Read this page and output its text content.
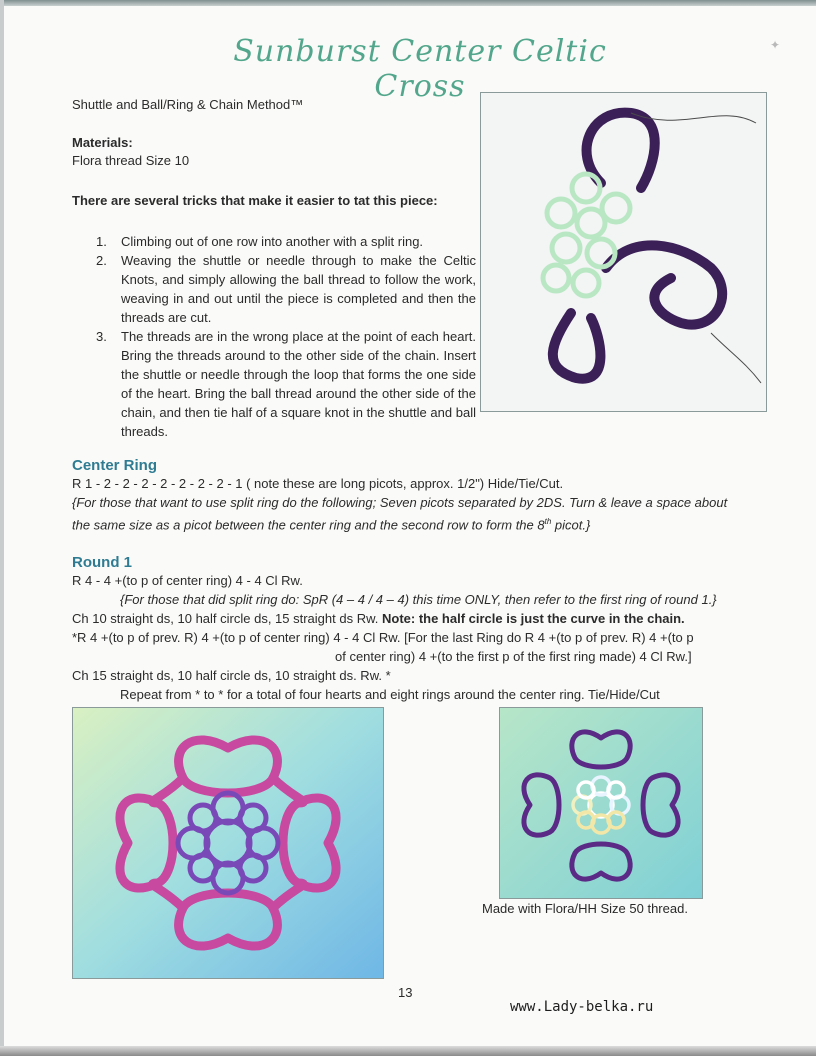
✦
Sunburst Center Celtic Cross
Shuttle and Ball/Ring & Chain Method™
Materials:
Flora thread Size 10
There are several tricks that make it easier to tat this piece:
1. Climbing out of one row into another with a split ring.
2. Weaving the shuttle or needle through to make the Celtic Knots, and simply allowing the ball thread to follow the work, weaving in and out until the piece is completed and then the threads are cut.
3. The threads are in the wrong place at the point of each heart. Bring the threads around to the other side of the chain. Insert the shuttle or needle through the loop that forms the one side of the heart. Bring the ball thread around the other side of the chain, and then tie half of a square knot in the shuttle and ball threads.
Center Ring
R 1 - 2 - 2 - 2 - 2 - 2 - 2 - 2 - 1 ( note these are long picots, approx. 1/2") Hide/Tie/Cut.
{For those that want to use split ring do the following; Seven picots separated by 2DS. Turn & leave a space about
the same size as a picot between the center ring and the second row to form the 8th picot.}
Round 1
R 4 - 4 +(to p of center ring) 4 - 4 Cl Rw.
{For those that did split ring do: SpR (4 – 4 / 4 – 4) this time ONLY, then refer to the first ring of round 1.}
Ch 10 straight ds, 10 half circle ds, 15 straight ds Rw. Note: the half circle is just the curve in the chain.
*R 4 +(to p of prev. R) 4 +(to p of center ring) 4 - 4 Cl Rw. [For the last Ring do R 4 +(to p of prev. R) 4 +(to p
of center ring) 4 +(to the first p of the first ring made) 4 Cl Rw.]
Ch 15 straight ds, 10 half circle ds, 10 straight ds. Rw. *
Repeat from * to * for a total of four hearts and eight rings around the center ring. Tie/Hide/Cut
Made with Flora/HH Size 50 thread.
13
www.Lady-belka.ru
